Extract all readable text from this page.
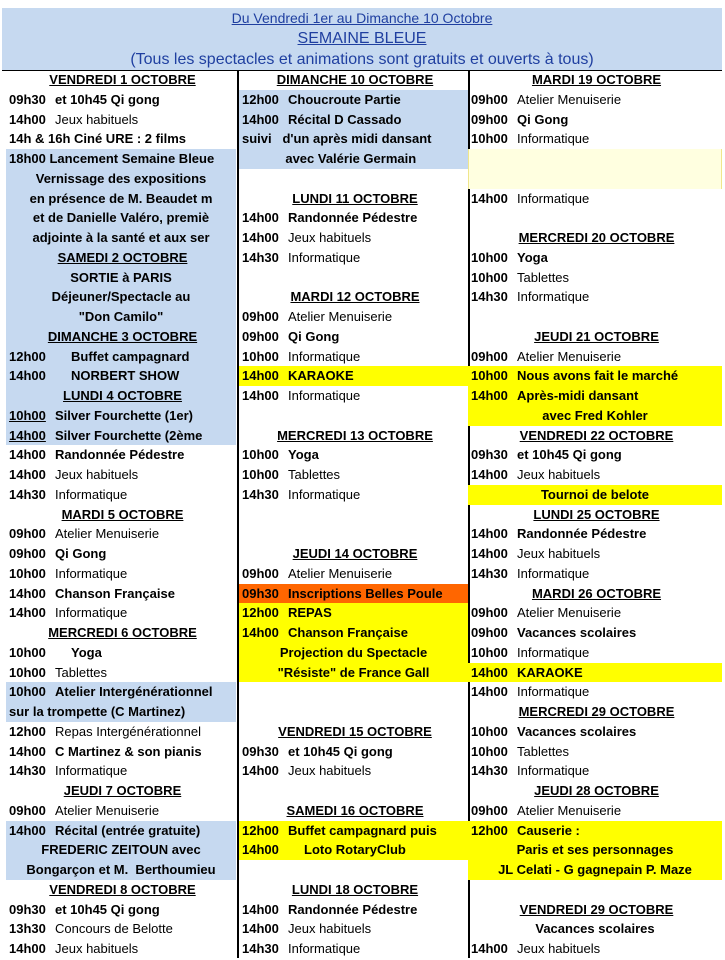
Du Vendredi 1er au Dimanche 10 Octobre
SEMAINE BLEUE
(Tous les spectacles et animations sont gratuits et ouverts à tous)
VENDREDI 1 OCTOBRE
09h30 et 10h45 Qi gong
14h00 Jeux habituels
14h & 16h Ciné URE : 2 films
18h00 Lancement Semaine Bleue
Vernissage des expositions
en présence de M. Beaudet m
et de Danielle Valéro, premiè
adjointe à la santé et aux ser
SAMEDI 2 OCTOBRE
SORTIE à PARIS
Déjeuner/Spectacle au
"Don Camilo"
DIMANCHE 3 OCTOBRE
12h00 Buffet campagnard
14h00 NORBERT SHOW
LUNDI 4 OCTOBRE
10h00 Silver Fourchette (1er)
14h00 Silver Fourchette (2ème
14h00 Randonnée Pédestre
14h00 Jeux habituels
14h30 Informatique
MARDI 5 OCTOBRE
09h00 Atelier Menuiserie
09h00 Qi Gong
10h00 Informatique
14h00 Chanson Française
14h00 Informatique
MERCREDI 6 OCTOBRE
10h00 Yoga
10h00 Tablettes
10h00 Atelier Intergénérationnel
sur la trompette (C Martinez)
12h00 Repas Intergénérationnel
14h00 C Martinez & son pianis
14h30 Informatique
JEUDI 7 OCTOBRE
09h00 Atelier Menuiserie
14h00 Récital (entrée gratuite)
FREDERIC ZEITOUN avec
Bongarçon et M.  Berthoumieu
VENDREDI 8 OCTOBRE
09h30 et 10h45 Qi gong
13h30 Concours de Belotte
14h00 Jeux habituels
DIMANCHE 10 OCTOBRE
12h00 Choucroute Partie
14h00 Récital D Cassado
suivi   d'un après midi dansant
avec Valérie Germain
LUNDI 11 OCTOBRE
14h00 Randonnée Pédestre
14h00 Jeux habituels
14h30 Informatique
MARDI 12 OCTOBRE
09h00 Atelier Menuiserie
09h00 Qi Gong
10h00 Informatique
14h00 KARAOKE
14h00 Informatique
MERCREDI 13 OCTOBRE
10h00 Yoga
10h00 Tablettes
14h30 Informatique
JEUDI 14 OCTOBRE
09h00 Atelier Menuiserie
09h30 Inscriptions Belles Poule
12h00 REPAS
14h00 Chanson Française
Projection du Spectacle
"Résiste" de France Gall
VENDREDI 15 OCTOBRE
09h30 et 10h45 Qi gong
14h00 Jeux habituels
SAMEDI 16 OCTOBRE
12h00 Buffet campagnard puis
14h00 Loto RotaryClub
LUNDI 18 OCTOBRE
14h00 Randonnée Pédestre
14h00 Jeux habituels
14h30 Informatique
MARDI 19 OCTOBRE
09h00 Atelier Menuiserie
09h00 Qi Gong
10h00 Informatique
14h00 Informatique
MERCREDI 20 OCTOBRE
10h00 Yoga
10h00 Tablettes
14h30 Informatique
JEUDI 21 OCTOBRE
09h00 Atelier Menuiserie
10h00 Nous avons fait le marché
14h00 Après-midi dansant
avec Fred Kohler
VENDREDI 22 OCTOBRE
09h30 et 10h45 Qi gong
14h00 Jeux habituels
Tournoi de belote
LUNDI 25 OCTOBRE
14h00 Randonnée Pédestre
14h00 Jeux habituels
14h30 Informatique
MARDI 26 OCTOBRE
09h00 Atelier Menuiserie
09h00 Vacances scolaires
10h00 Informatique
14h00 KARAOKE
14h00 Informatique
MERCREDI 29 OCTOBRE
10h00 Vacances scolaires
10h00 Tablettes
14h30 Informatique
JEUDI 28 OCTOBRE
09h00 Atelier Menuiserie
12h00 Causerie :
Paris et ses personnages
JL Celati - G gagnepain P. Maze
VENDREDI 29 OCTOBRE
Vacances scolaires
14h00 Jeux habituels
